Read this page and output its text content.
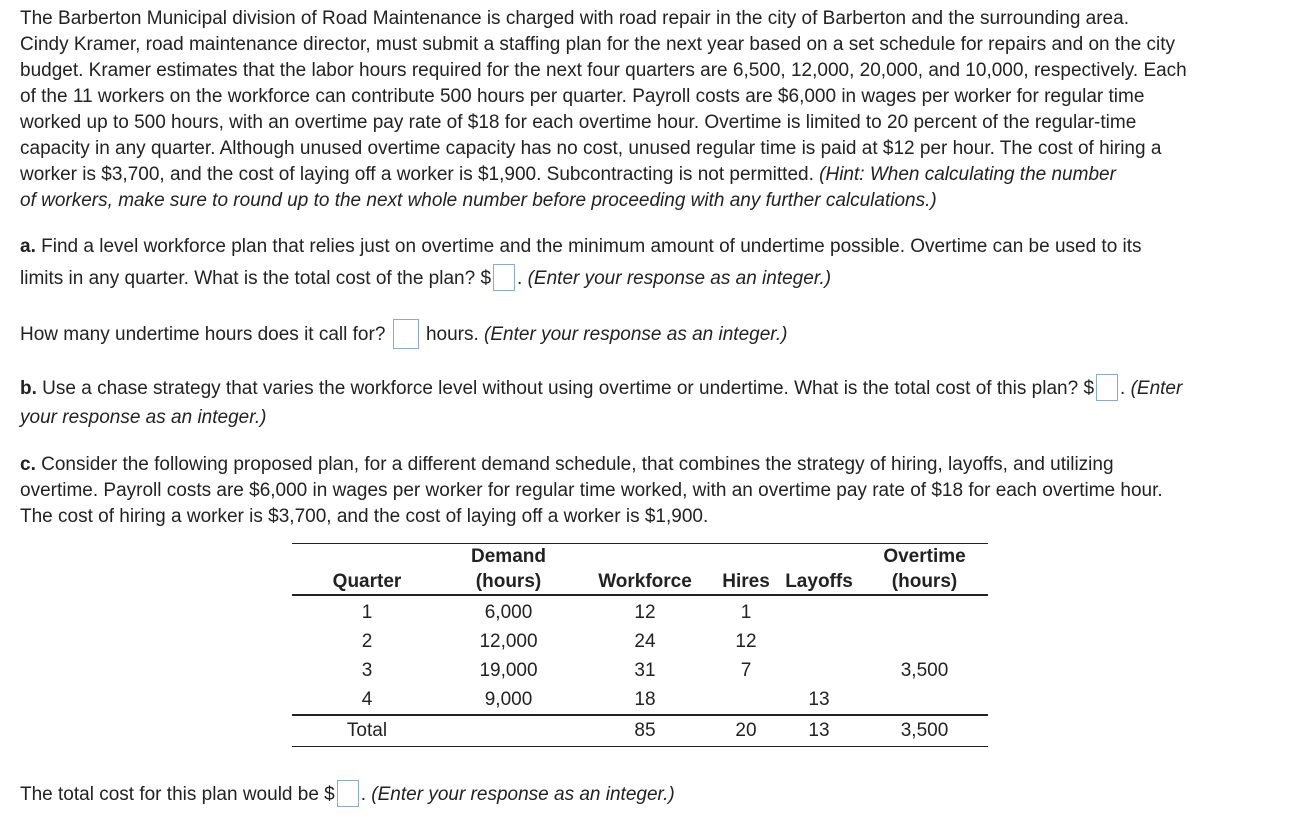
The Barberton Municipal division of Road Maintenance is charged with road repair in the city of Barberton and the surrounding area.

Cindy Kramer, road maintenance director, must submit a staffing plan for the next year based on a set schedule for repairs and on the city

budget. Kramer estimates that the labor hours required for the next four quarters are 6,500, 12,000, 20,000, and 10,000, respectively. Each

of the 11 workers on the workforce can contribute 500 hours per quarter. Payroll costs are $6,000 in wages per worker for regular time

worked up to 500 hours, with an overtime pay rate of $18 for each overtime hour. Overtime is limited to 20 percent of the regular-time

capacity in any quarter. Although unused overtime capacity has no cost, unused regular time is paid at $12 per hour. The cost of hiring a

worker is $3,700, and the cost of laying off a worker is $1,900. Subcontracting is not permitted. (Hint: When calculating the number

of workers, make sure to round up to the next whole number before proceeding with any further calculations.)

a. Find a level workforce plan that relies just on overtime and the minimum amount of undertime possible. Overtime can be used to its

limits in any quarter. What is the total cost of the plan? $ . (Enter your response as an integer.)

How many undertime hours does it call for?  hours. (Enter your response as an integer.)

b. Use a chase strategy that varies the workforce level without using overtime or undertime. What is the total cost of this plan? $ . (Enter

your response as an integer.)

c. Consider the following proposed plan, for a different demand schedule, that combines the strategy of hiring, layoffs, and utilizing

overtime. Payroll costs are $6,000 in wages per worker for regular time worked, with an overtime pay rate of $18 for each overtime hour.

The cost of hiring a worker is $3,700, and the cost of laying off a worker is $1,900.

The total cost for this plan would be $ . (Enter your response as an integer.)

	Demand				Overtime
Quarter	(hours)	Workforce	Hires	Layoffs	(hours)
1	6,000	12	1		
2	12,000	24	12		
3	19,000	31	7		3,500
4	9,000	18		13	
Total		85	20	13	3,500
